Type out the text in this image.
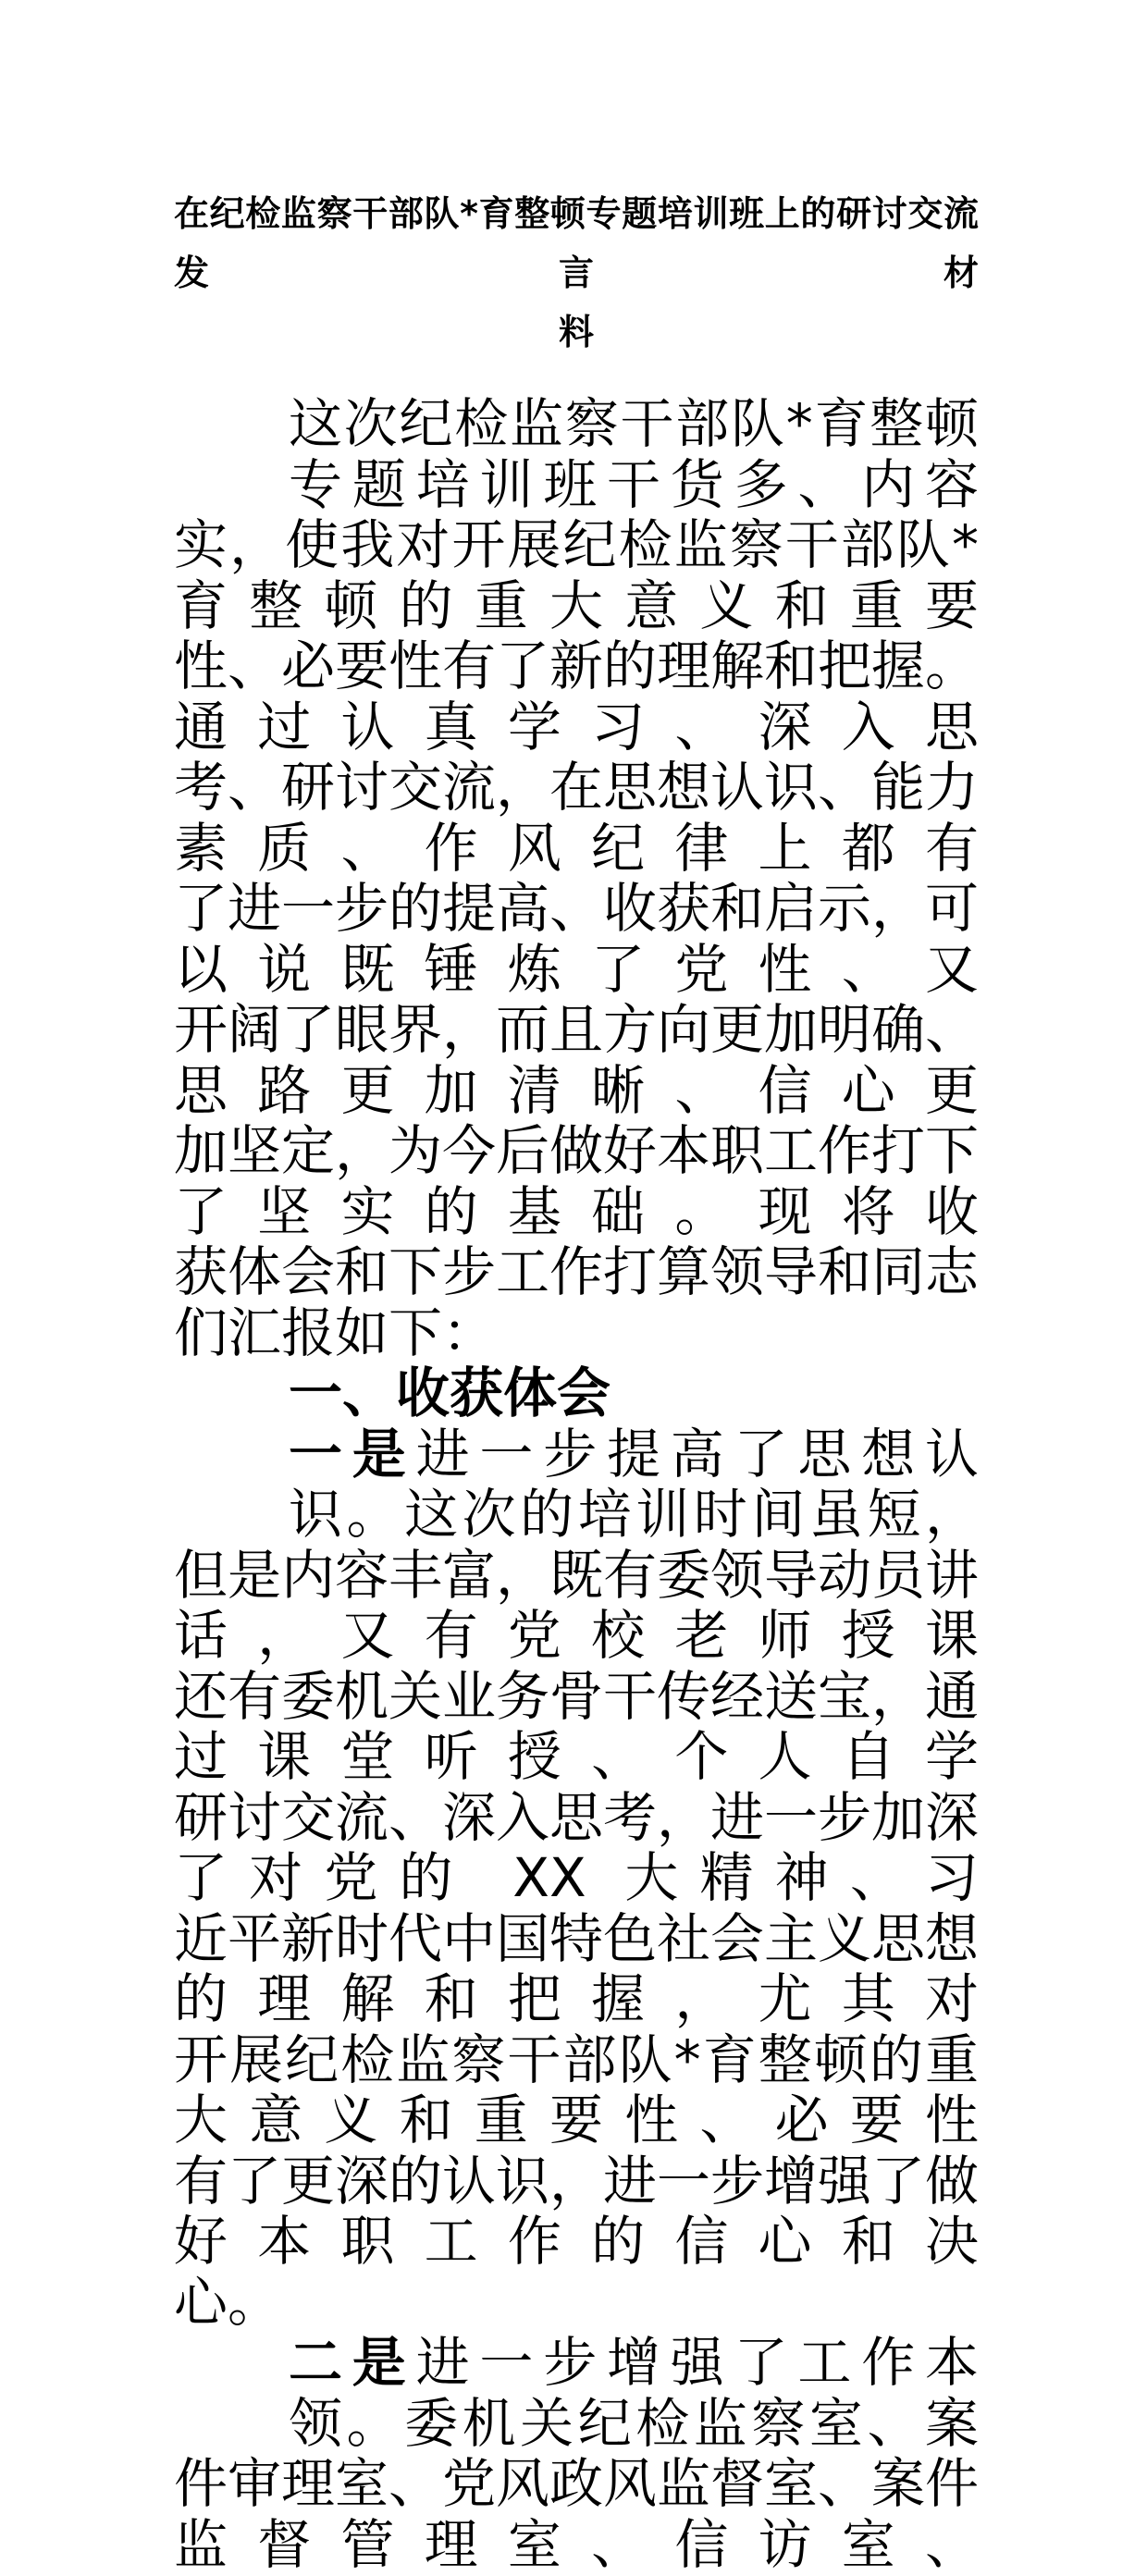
在纪检监察干部队*育整顿专题培训班上的研讨交流发言材
料
这次纪检监察干部队*育整顿专题培训班干货多、内容
实，使我对开展纪检监察干部队*育整顿的重大意义和重要
性、必要性有了新的理解和把握。通过认真学习、深入思
考、研讨交流，在思想认识、能力素质、作风纪律上都有
了进一步的提高、收获和启示，可以说既锤炼了党性、又
开阔了眼界，而且方向更加明确、思路更加清晰、信心更
加坚定，为今后做好本职工作打下了坚实的基础。现将收
获体会和下步工作打算领导和同志们汇报如下：
一、收获体会
一是进一步提高了思想认识。这次的培训时间虽短，
但是内容丰富，既有委领导动员讲话，又有党校老师授课
还有委机关业务骨干传经送宝，通过课堂听授、个人自学
研讨交流、深入思考，进一步加深了对党的 XX 大精神、习
近平新时代中国特色社会主义思想的理解和把握，尤其对
开展纪检监察干部队*育整顿的重大意义和重要性、必要性
有了更深的认识，进一步增强了做好本职工作的信心和决
心。
二是进一步增强了工作本领。委机关纪检监察室、案
件审理室、党风政风监督室、案件监督管理室、信访室、
